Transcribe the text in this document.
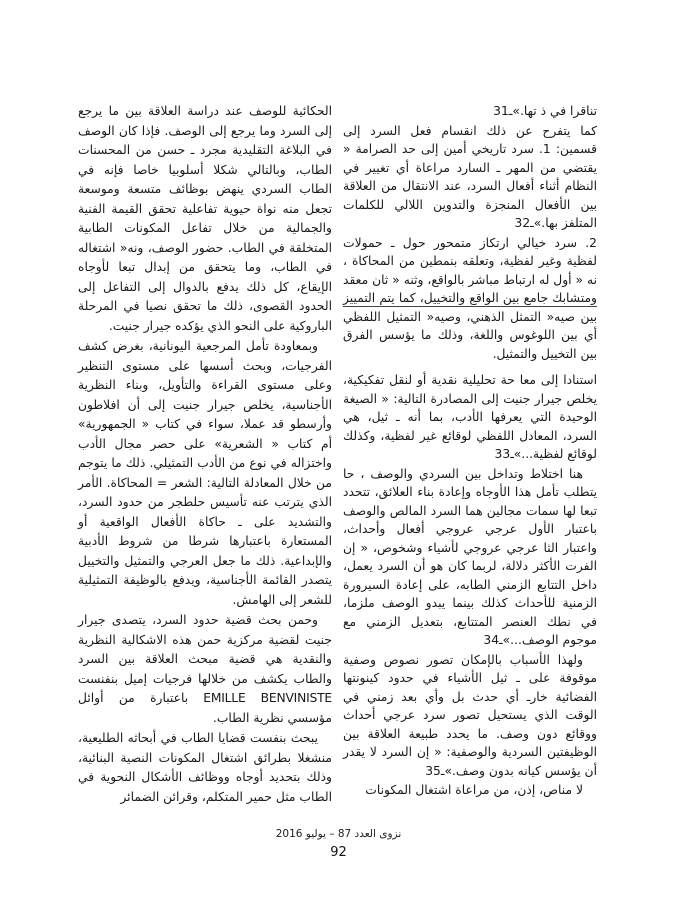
تناقرا في ذ تها.»ـ31

كما يتفرح عن ذلك انقسام فعل السرد إلى قسمين: 1. سرد تاريخي أمين إلى حد الصرامة « يقتضي من المهر ـ السارد مراعاة أي تغيير في النظام أثناء أفعال السرد، عند الانتقال من العلاقة بين الأفعال المنجزة والتدوين اللالي للكلمات المتلفز بها.»ـ32

2. سرد خيالي ارتكاز متمحور حول ـ حمولات لفظية وغير لفظية، وتعلقه بنمطين من المحاكاة ، نه « أول له ارتباط مباشر بالواقع، وثنه « ثان معقد ومتشابك جامع بين الواقع والتخييل، كما يتم التمييز بين صيه« التمثل الذهني، وصيه« التمثيل اللفظي أي بين اللوغوس واللغة، وذلك ما يؤسس الفرق بين التخييل والتمثيل.

استنادا إلى معا حة تحليلية نقدية أو لنقل تفكيكية، يخلص جيرار جنيت إلى المصادرة التالية: « الصيغة الوحيدة التي يعرفها الأدب، بما أنه ـ ثيل، هي السرد، المعادل اللفظي لوقائع غير لفظية، وكذلك لوقائع لفظية...»ـ33

هنا اختلاط وتداخل بين السردي والوصف ، حا يتطلب تأمل هذا الأوجاه وإعادة بناء العلائق، تتحدد تبعا لها سمات مجالين هما السرد المالص والوصف باعتبار الأول عرجي عروجي أفعال وأحداث، واعتبار الثا عرجي عروجي لأشياء وشخوص، « إن الفرت الأكثر دلالة، لربما كان هو أن السرد يعمل، داخل التتابع الزمني الطابه، على إعادة السيرورة الزمنية للأحداث كذلك بينما يبدو الوصف ملزما، في نطك العنصر المتتابع، بتعديل الزمني مع موجوم الوصف...»ـ34

ولهذا الأسباب بالإمكان تصور نصوص وصفية موقوفة على ـ ثيل الأشياء في حدود كينونتها الفضائية خارـ أي حدث بل وأي بعد زمني في الوقت الذي يستحيل تصور سرد عرجي أحداث ووقائع دون وصف. ما يحدد طبيعة العلاقة بين الوظيفتين السردية والوصفية: « إن السرد لا يقدر أن يؤسس كيانه بدون وصف.»ـ35

لا مناص، إذن، من مراعاة اشتغال المكونات

الحكائية للوصف عند دراسة العلاقة بين ما يرجع إلى السرد وما يرجع إلى الوصف. فإذا كان الوصف في البلاغة التقليدية مجرد ـ حسن من المحسنات الطاب، وبالتالي شكلا أسلوبيا خاصا فإنه في الطاب السردي ينهض بوظائف متسعة وموسعة تجعل منه نواة حيوية تفاعلية تحقق القيمة الفنية والجمالية من خلال تفاعل المكونات الطابية المتخلقة في الطاب. حضور الوصف، ونه« اشتغاله في الطاب، وما يتحقق من إبدال تبعا لأوجاه الإيقاع، كل ذلك يدفع بالدوال إلى التفاعل إلى الحدود القصوى، ذلك ما تحقق نصيا في المرحلة الباروكية على النحو الذي يؤكده جيرار جنيت.

وبمعاودة تأمل المرجعية اليونانية، بغرض كشف الفرجيات، وبحث أسسها على مستوى التنظير وعلى مستوى القراءة والتأويل، وبناء النظرية الأجناسية، يخلص جيرار جنيت إلى أن افلاطون وأرسطو قد عملا، سواء في كتاب « الجمهورية» أم كتاب « الشعرية» على حصر مجال الأدب واختزاله في نوع من الأدب التمثيلي. ذلك ما يتوجم من خلال المعادلة التالية: الشعر = المحاكاة. الأمر الذي يترتب عنه تأسيس حلطجر من حدود السرد، والتشديد على ـ حاكاة الأفعال الواقعية أو المستعارة باعتبارها شرطا من شروط الأدبية والإبداعية. ذلك ما جعل العرجي والتمثيل والتخييل يتصدر القائمة الأجناسية، ويدفع بالوظيفة التمثيلية للشعر إلى الهامش.

وحمن بحث قضية حدود السرد، يتصدى جيرار جنيت لقضية مركزية حمن هذه الاشكالية النظرية والنقدية هي قضية مبحث العلاقة بين السرد والطاب يكشف من خلالها فرجيات إميل بنفنست EMILLE BENVINISTE باعتبارة من أوائل مؤسسي نظرية الطاب.

يبحث بنفست قضايا الطاب في أبحاثه الطليعية، منشغلا بطرائق اشتغال المكونات النصية البنائية، وذلك بتحديد أوجاه ووظائف الأشكال النحوية في الطاب مثل حمير المتكلم، وقرائن الضمائر

نزوى العدد 87 – يوليو 2016
92
